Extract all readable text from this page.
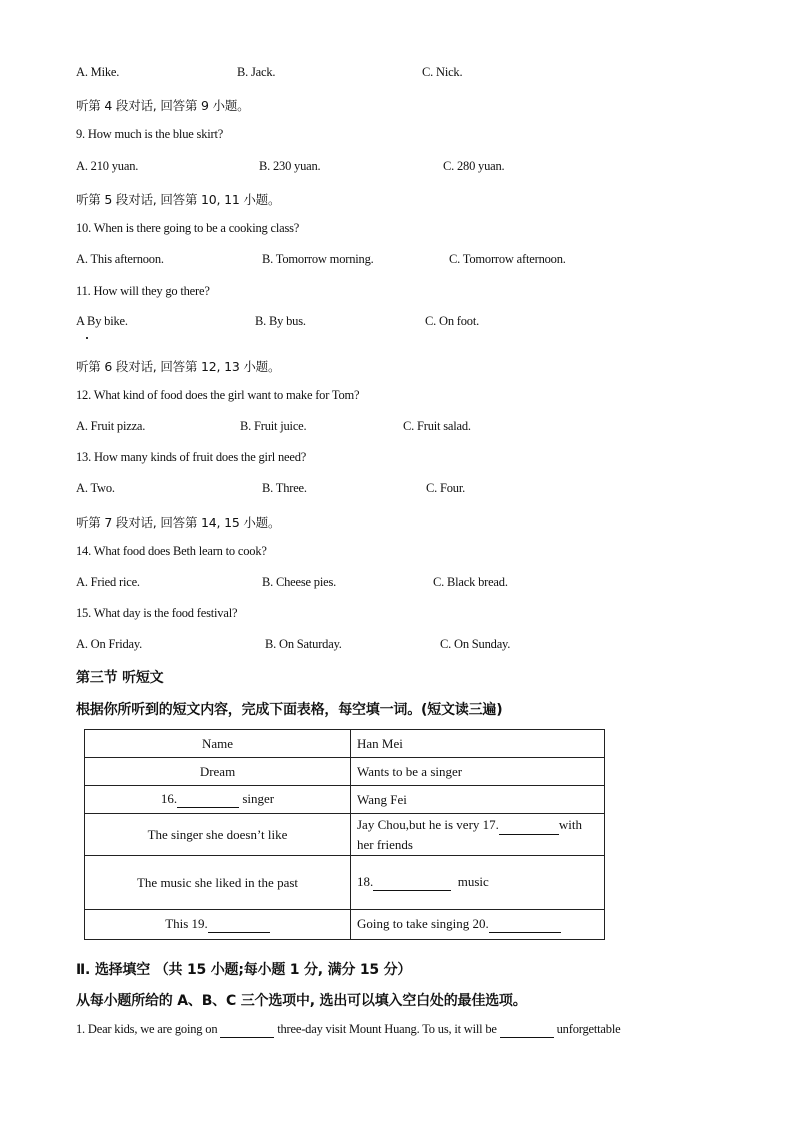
A. Mike.	B. Jack.	C. Nick.
听第 4 段对话, 回答第 9 小题。
9. How much is the blue skirt?
A. 210 yuan.	B. 230 yuan.	C. 280 yuan.
听第 5 段对话, 回答第 10, 11 小题。
10. When is there going to be a cooking class?
A. This afternoon.	B. Tomorrow morning.	C. Tomorrow afternoon.
11. How will they go there?
A By bike.	B. By bus.	C. On foot.
听第 6 段对话, 回答第 12, 13 小题。
12. What kind of food does the girl want to make for Tom?
A. Fruit pizza.	B. Fruit juice.	C. Fruit salad.
13. How many kinds of fruit does the girl need?
A. Two.	B. Three.	C. Four.
听第 7 段对话, 回答第 14, 15 小题。
14. What food does Beth learn to cook?
A. Fried rice.	B. Cheese pies.	C. Black bread.
15. What day is the food festival?
A. On Friday.	B. On Saturday.	C. On Sunday.
第三节 听短文
根据你所听到的短文内容，完成下面表格，每空填一词。(短文读三遍)
Name	Han Mei
Dream	Wants to be a singer
16. singer	Wang Fei
The singer she doesn’t like	Jay Chou,but he is very 17. with
her friends
The music she liked in the past	18. music
This 19.	Going to take singing 20.
Ⅱ. 选择填空 （共 15 小题;每小题 1 分, 满分 15 分）
从每小题所给的 A、B、C 三个选项中, 选出可以填入空白处的最佳选项。
1. Dear kids, we are going on	three-day visit Mount Huang. To us, it will be	unforgettable
